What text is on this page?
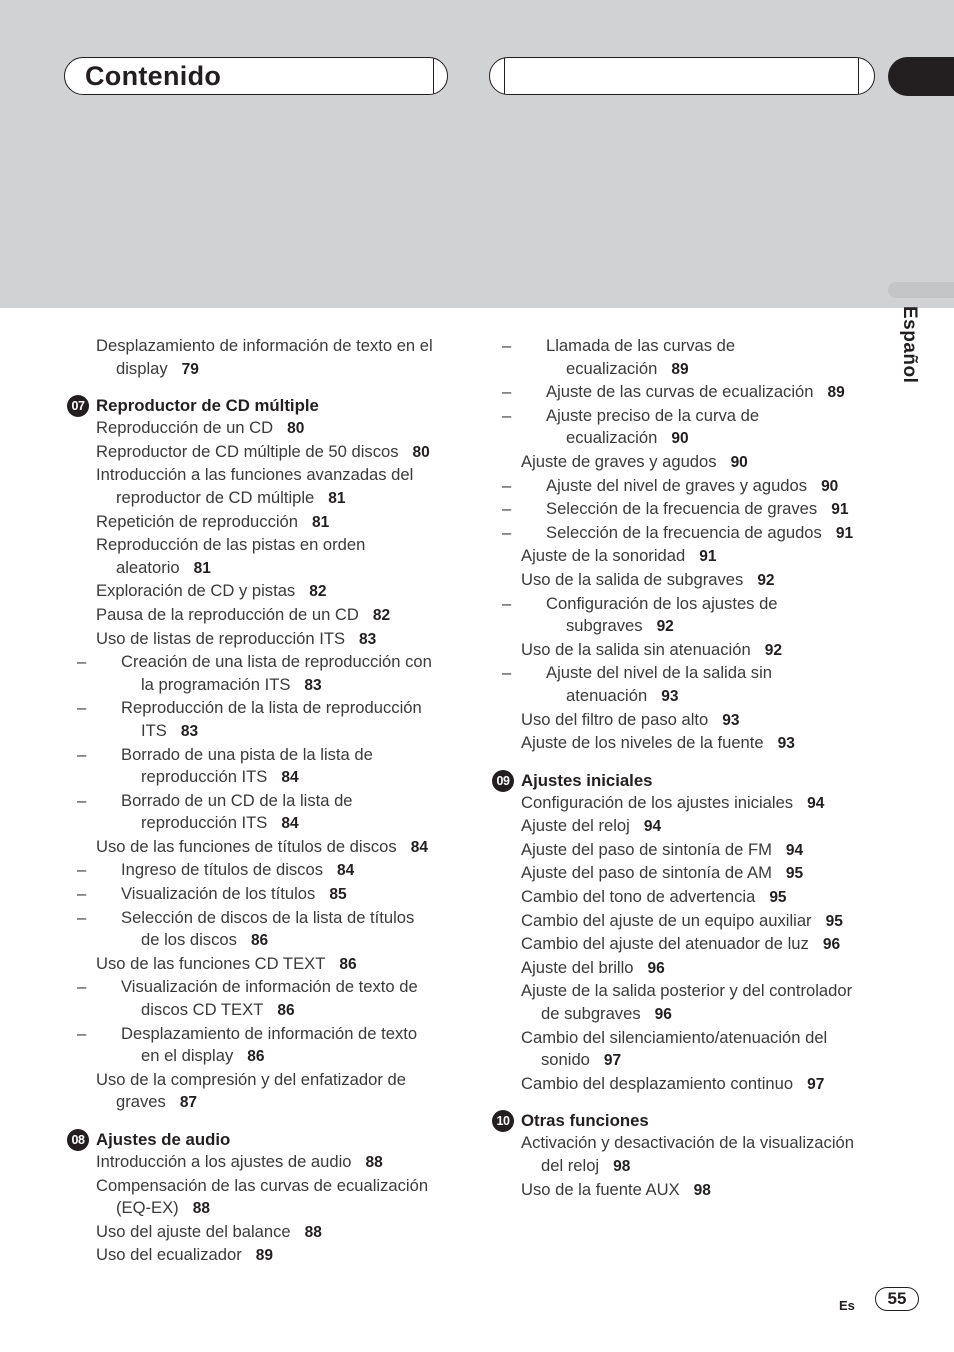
Contenido
Español
Desplazamiento de información de texto en el display 79
07 Reproductor de CD múltiple
Reproducción de un CD 80
Reproductor de CD múltiple de 50 discos 80
Introducción a las funciones avanzadas del reproductor de CD múltiple 81
Repetición de reproducción 81
Reproducción de las pistas en orden aleatorio 81
Exploración de CD y pistas 82
Pausa de la reproducción de un CD 82
Uso de listas de reproducción ITS 83
– Creación de una lista de reproducción con la programación ITS 83
– Reproducción de la lista de reproducción ITS 83
– Borrado de una pista de la lista de reproducción ITS 84
– Borrado de un CD de la lista de reproducción ITS 84
Uso de las funciones de títulos de discos 84
– Ingreso de títulos de discos 84
– Visualización de los títulos 85
– Selección de discos de la lista de títulos de los discos 86
Uso de las funciones CD TEXT 86
– Visualización de información de texto de discos CD TEXT 86
– Desplazamiento de información de texto en el display 86
Uso de la compresión y del enfatizador de graves 87
08 Ajustes de audio
Introducción a los ajustes de audio 88
Compensación de las curvas de ecualización (EQ-EX) 88
Uso del ajuste del balance 88
Uso del ecualizador 89
– Llamada de las curvas de ecualización 89
– Ajuste de las curvas de ecualización 89
– Ajuste preciso de la curva de ecualización 90
Ajuste de graves y agudos 90
– Ajuste del nivel de graves y agudos 90
– Selección de la frecuencia de graves 91
– Selección de la frecuencia de agudos 91
Ajuste de la sonoridad 91
Uso de la salida de subgraves 92
– Configuración de los ajustes de subgraves 92
Uso de la salida sin atenuación 92
– Ajuste del nivel de la salida sin atenuación 93
Uso del filtro de paso alto 93
Ajuste de los niveles de la fuente 93
09 Ajustes iniciales
Configuración de los ajustes iniciales 94
Ajuste del reloj 94
Ajuste del paso de sintonía de FM 94
Ajuste del paso de sintonía de AM 95
Cambio del tono de advertencia 95
Cambio del ajuste de un equipo auxiliar 95
Cambio del ajuste del atenuador de luz 96
Ajuste del brillo 96
Ajuste de la salida posterior y del controlador de subgraves 96
Cambio del silenciamiento/atenuación del sonido 97
Cambio del desplazamiento continuo 97
10 Otras funciones
Activación y desactivación de la visualización del reloj 98
Uso de la fuente AUX 98
Es	55
